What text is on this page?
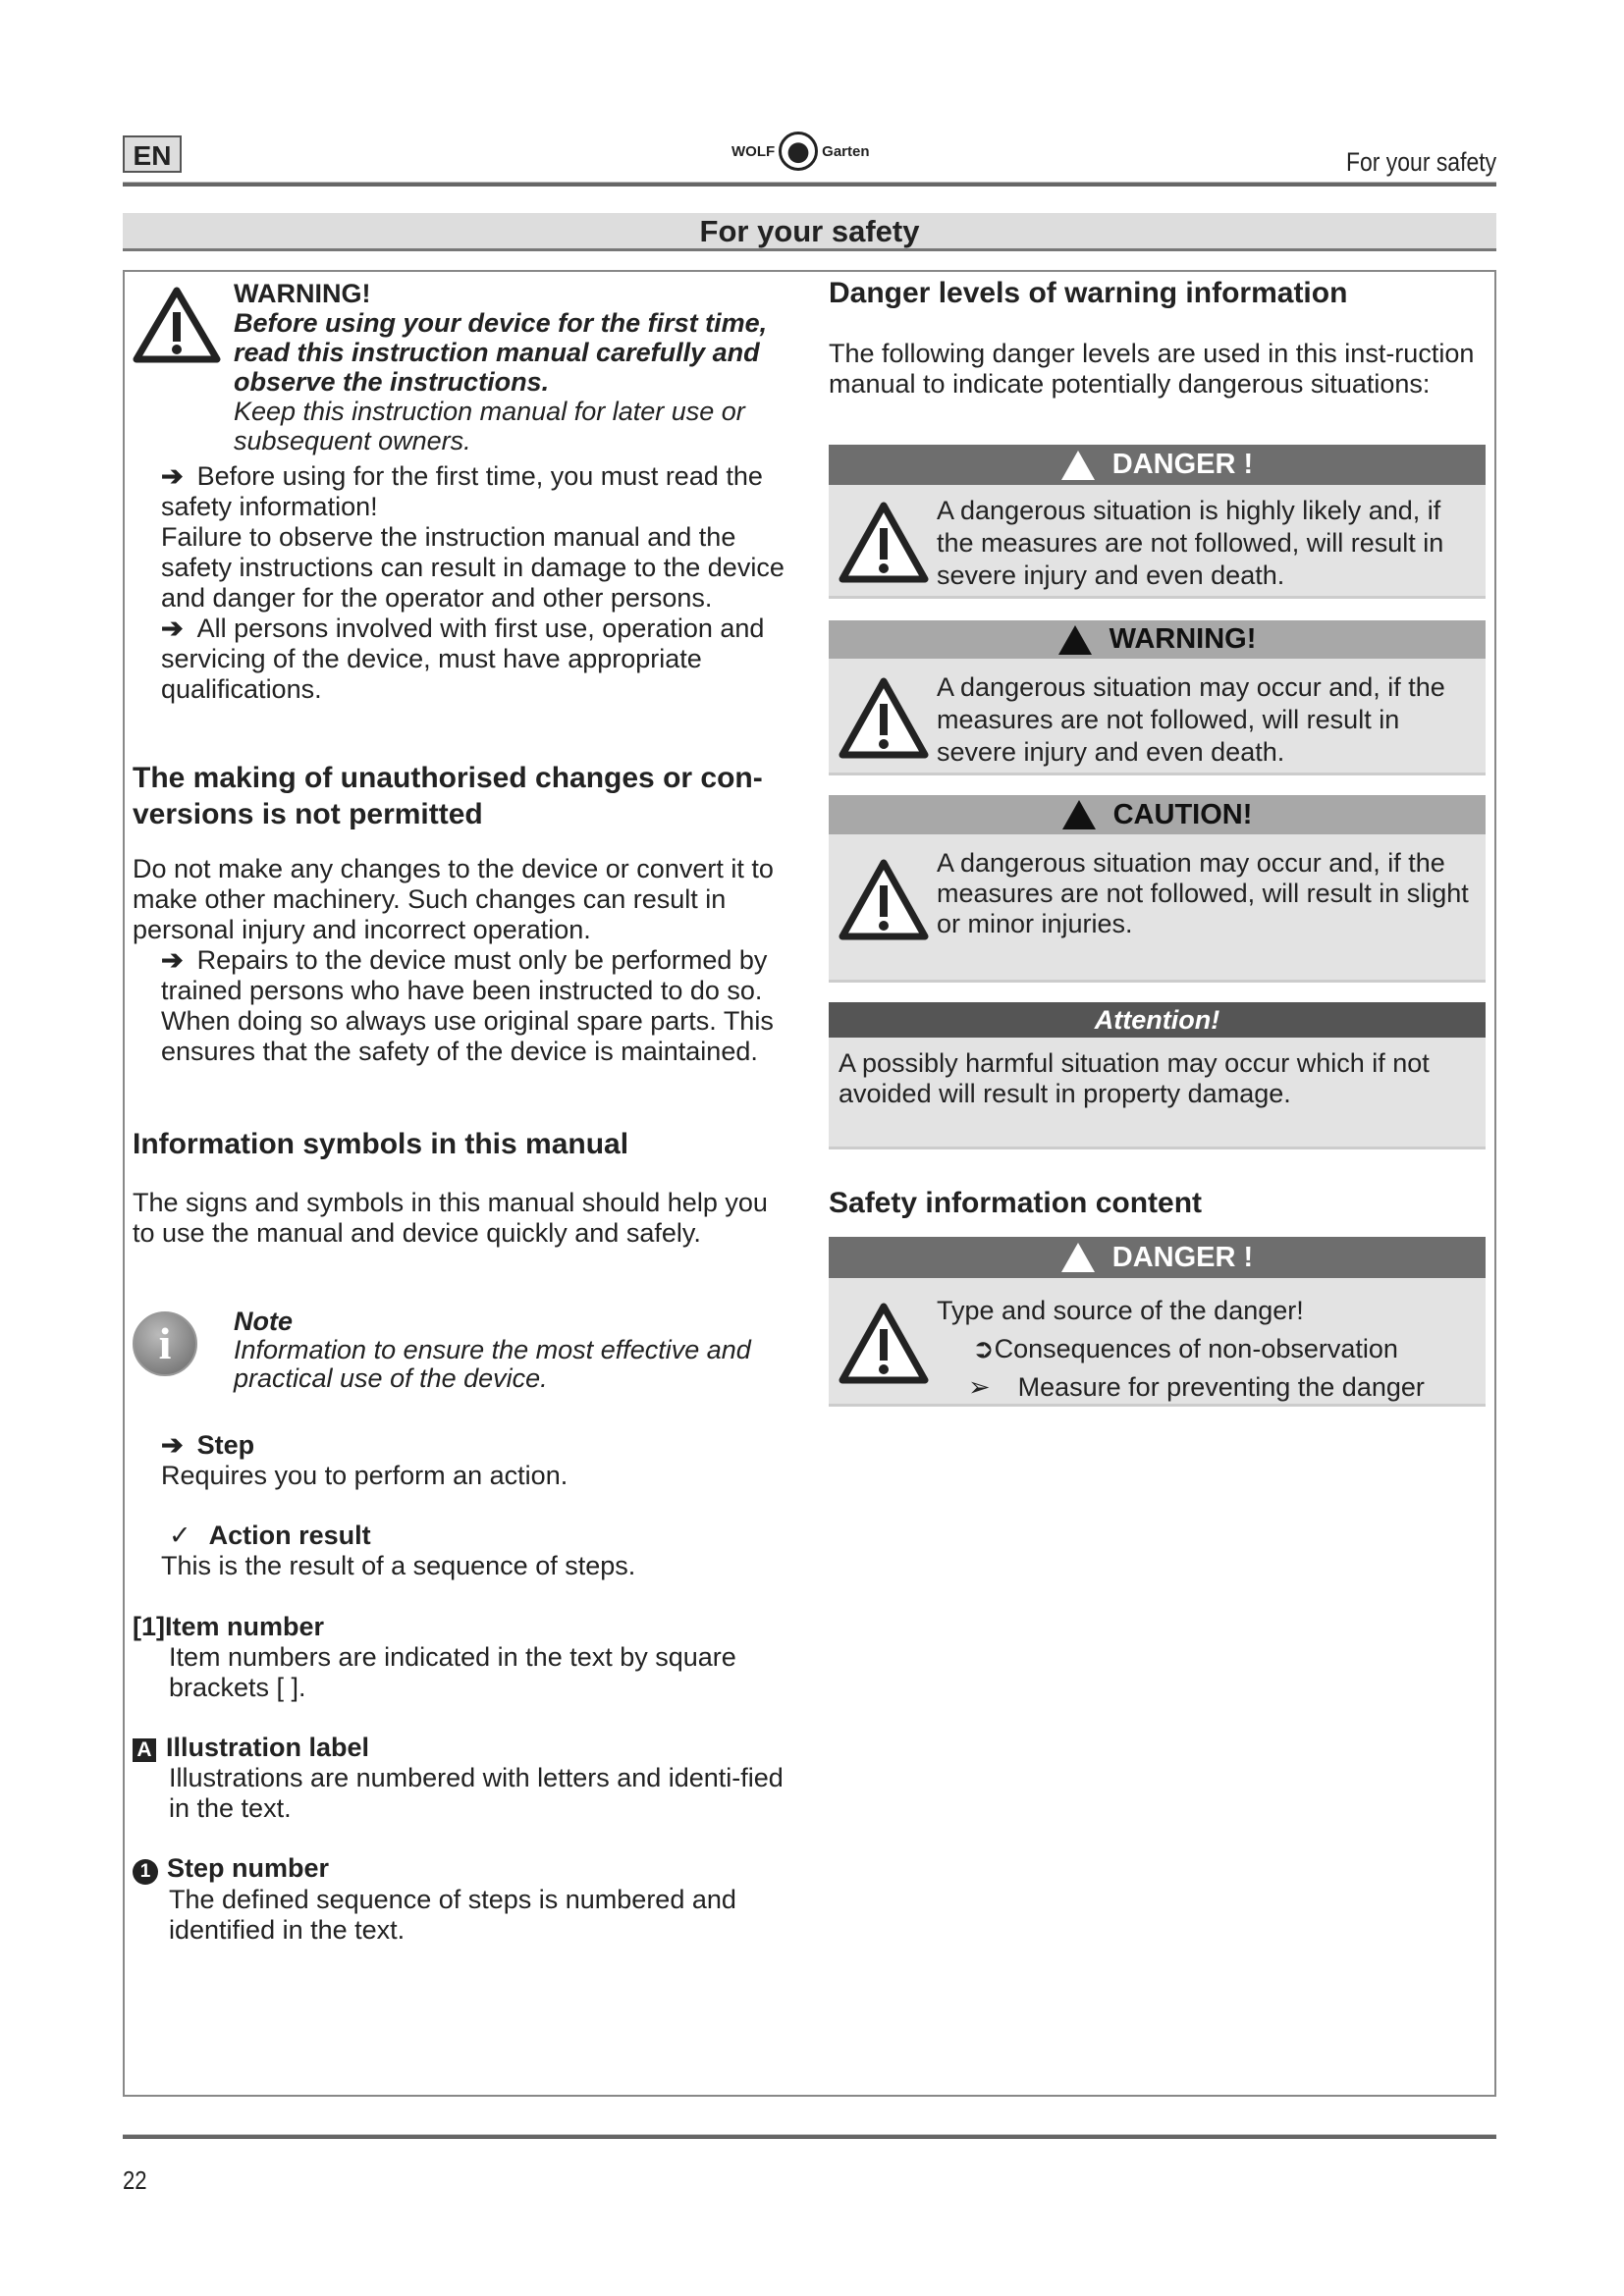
EN	WOLF	Garten	For your safety
For your safety
WARNING!
Before using your device for the first time, read this instruction manual carefully and observe the instructions.
Keep this instruction manual for later use or subsequent owners.
➔ Before using for the first time, you must read the safety information!
Failure to observe the instruction manual and the safety instructions can result in damage to the device and danger for the operator and other persons.
➔ All persons involved with first use, operation and servicing of the device, must have appropriate qualifications.
The making of unauthorised changes or con-versions is not permitted
Do not make any changes to the device or convert it to make other machinery. Such changes can result in personal injury and incorrect operation.
➔ Repairs to the device must only be performed by trained persons who have been instructed to do so. When doing so always use original spare parts. This ensures that the safety of the device is maintained.
Information symbols in this manual
The signs and symbols in this manual should help you to use the manual and device quickly and safely.
i	Note
Information to ensure the most effective and practical use of the device.
➔ Step
Requires you to perform an action.
✓ Action result
This is the result of a sequence of steps.
[1]Item number
Item numbers are indicated in the text by square brackets [ ].
A Illustration label
Illustrations are numbered with letters and identi-fied in the text.
1 Step number
The defined sequence of steps is numbered and identified in the text.
Danger levels of warning information
The following danger levels are used in this inst-ruction manual to indicate potentially dangerous situations:
DANGER !
A dangerous situation is highly likely and, if the measures are not followed, will result in severe injury and even death.
WARNING!
A dangerous situation may occur and, if the measures are not followed, will result in severe injury and even death.
CAUTION!
A dangerous situation may occur and, if the measures are not followed, will result in slight or minor injuries.
Attention!
A possibly harmful situation may occur which if not avoided will result in property damage.
Safety information content
DANGER !
Type and source of the danger!
➲Consequences of non-observation
➢ Measure for preventing the danger
22
